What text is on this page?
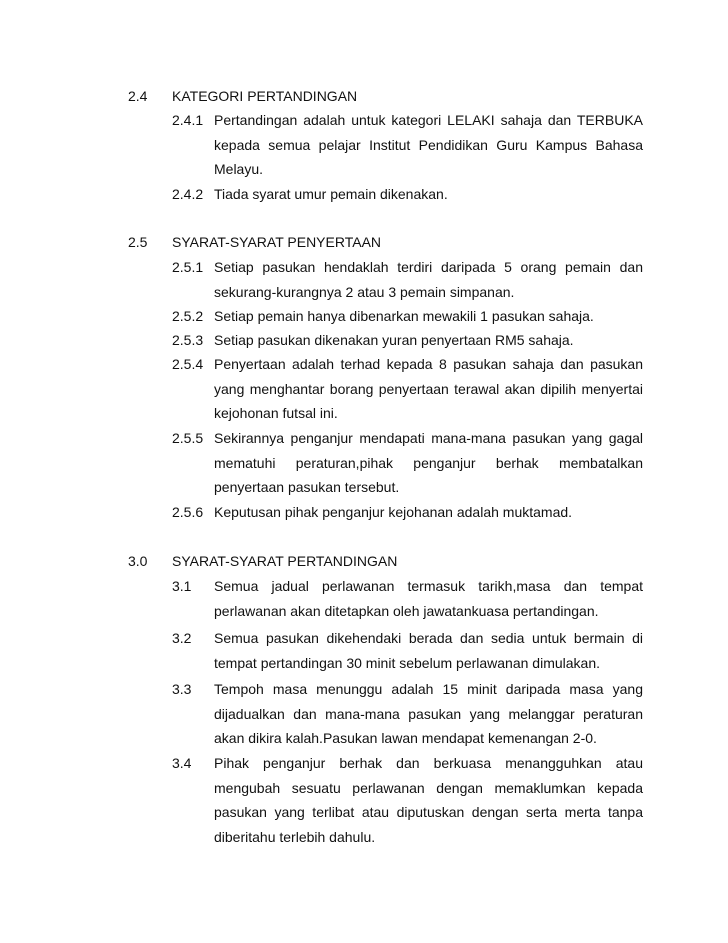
2.4 KATEGORI PERTANDINGAN
2.4.1 Pertandingan adalah untuk kategori LELAKI sahaja dan TERBUKA
kepada semua pelajar Institut Pendidikan Guru Kampus Bahasa
Melayu.
2.4.2 Tiada syarat umur pemain dikenakan.
2.5 SYARAT-SYARAT PENYERTAAN
2.5.1 Setiap pasukan hendaklah terdiri daripada 5 orang pemain dan
sekurang-kurangnya 2 atau 3 pemain simpanan.
2.5.2 Setiap pemain hanya dibenarkan mewakili 1 pasukan sahaja.
2.5.3 Setiap pasukan dikenakan yuran penyertaan RM5 sahaja.
2.5.4 Penyertaan adalah terhad kepada 8 pasukan sahaja dan pasukan
yang menghantar borang penyertaan terawal akan dipilih menyertai
kejohonan futsal ini.
2.5.5 Sekirannya penganjur mendapati mana-mana pasukan yang gagal
mematuhi peraturan,pihak penganjur berhak membatalkan
penyertaan pasukan tersebut.
2.5.6 Keputusan pihak penganjur kejohanan adalah muktamad.
3.0 SYARAT-SYARAT PERTANDINGAN
3.1 Semua jadual perlawanan termasuk tarikh,masa dan tempat
perlawanan akan ditetapkan oleh jawatankuasa pertandingan.
3.2 Semua pasukan dikehendaki berada dan sedia untuk bermain di
tempat pertandingan 30 minit sebelum perlawanan dimulakan.
3.3 Tempoh masa menunggu adalah 15 minit daripada masa yang
dijadualkan dan mana-mana pasukan yang melanggar peraturan
akan dikira kalah.Pasukan lawan mendapat kemenangan 2-0.
3.4 Pihak penganjur berhak dan berkuasa menangguhkan atau
mengubah sesuatu perlawanan dengan memaklumkan kepada
pasukan yang terlibat atau diputuskan dengan serta merta tanpa
diberitahu terlebih dahulu.
